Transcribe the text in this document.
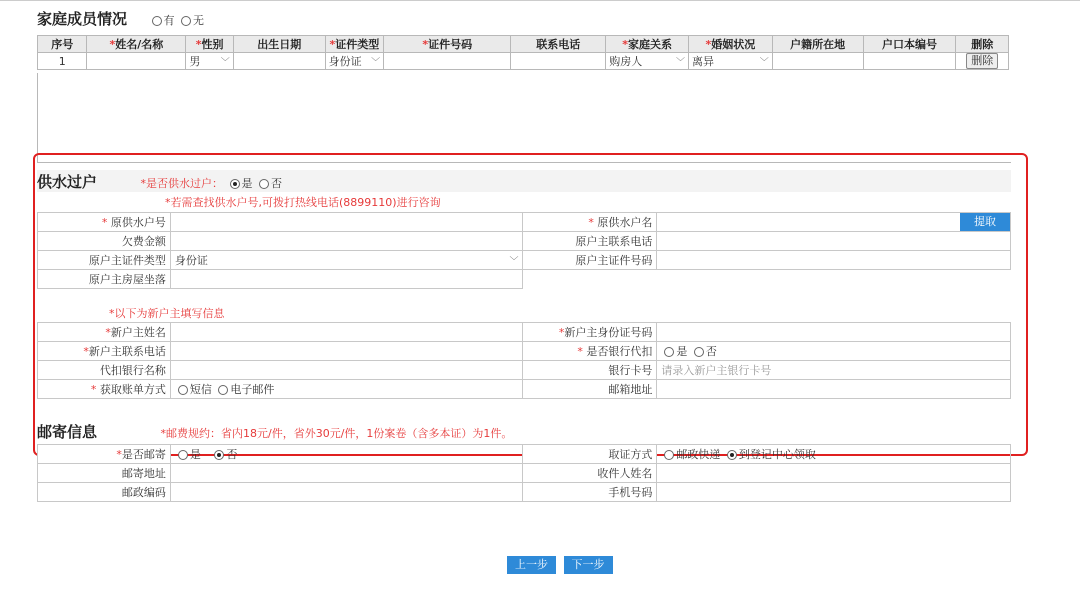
家庭成员情况	有 无
序号	*姓名/名称	*性别	出生日期	*证件类型	*证件号码	联系电话	*家庭关系	*婚姻状况	户籍所在地	户口本编号	删除
1		男 ﹀		身份证 ﹀			购房人 ﹀	离异 ﹀			删除
供水过户	*是否供水过户： 是 否
*若需查找供水户号,可拨打热线电话(8899110)进行咨询
* 原供水户号		* 原供水户名	提取
欠费金额		原户主联系电话	
原户主证件类型	身份证 ﹀	原户主证件号码	
原户主房屋坐落			
*以下为新户主填写信息
*新户主姓名		*新户主身份证号码	
*新户主联系电话		* 是否银行代扣	是 否
代扣银行名称		银行卡号	请录入新户主银行卡号
* 获取账单方式	短信 电子邮件	邮箱地址	
邮寄信息	*邮费规约：省内18元/件，省外30元/件，1份案卷（含多本证）为1件。
*是否邮寄	是 否	取证方式	邮政快递 到登记中心领取
邮寄地址		收件人姓名	
邮政编码		手机号码	
上一步 下一步
